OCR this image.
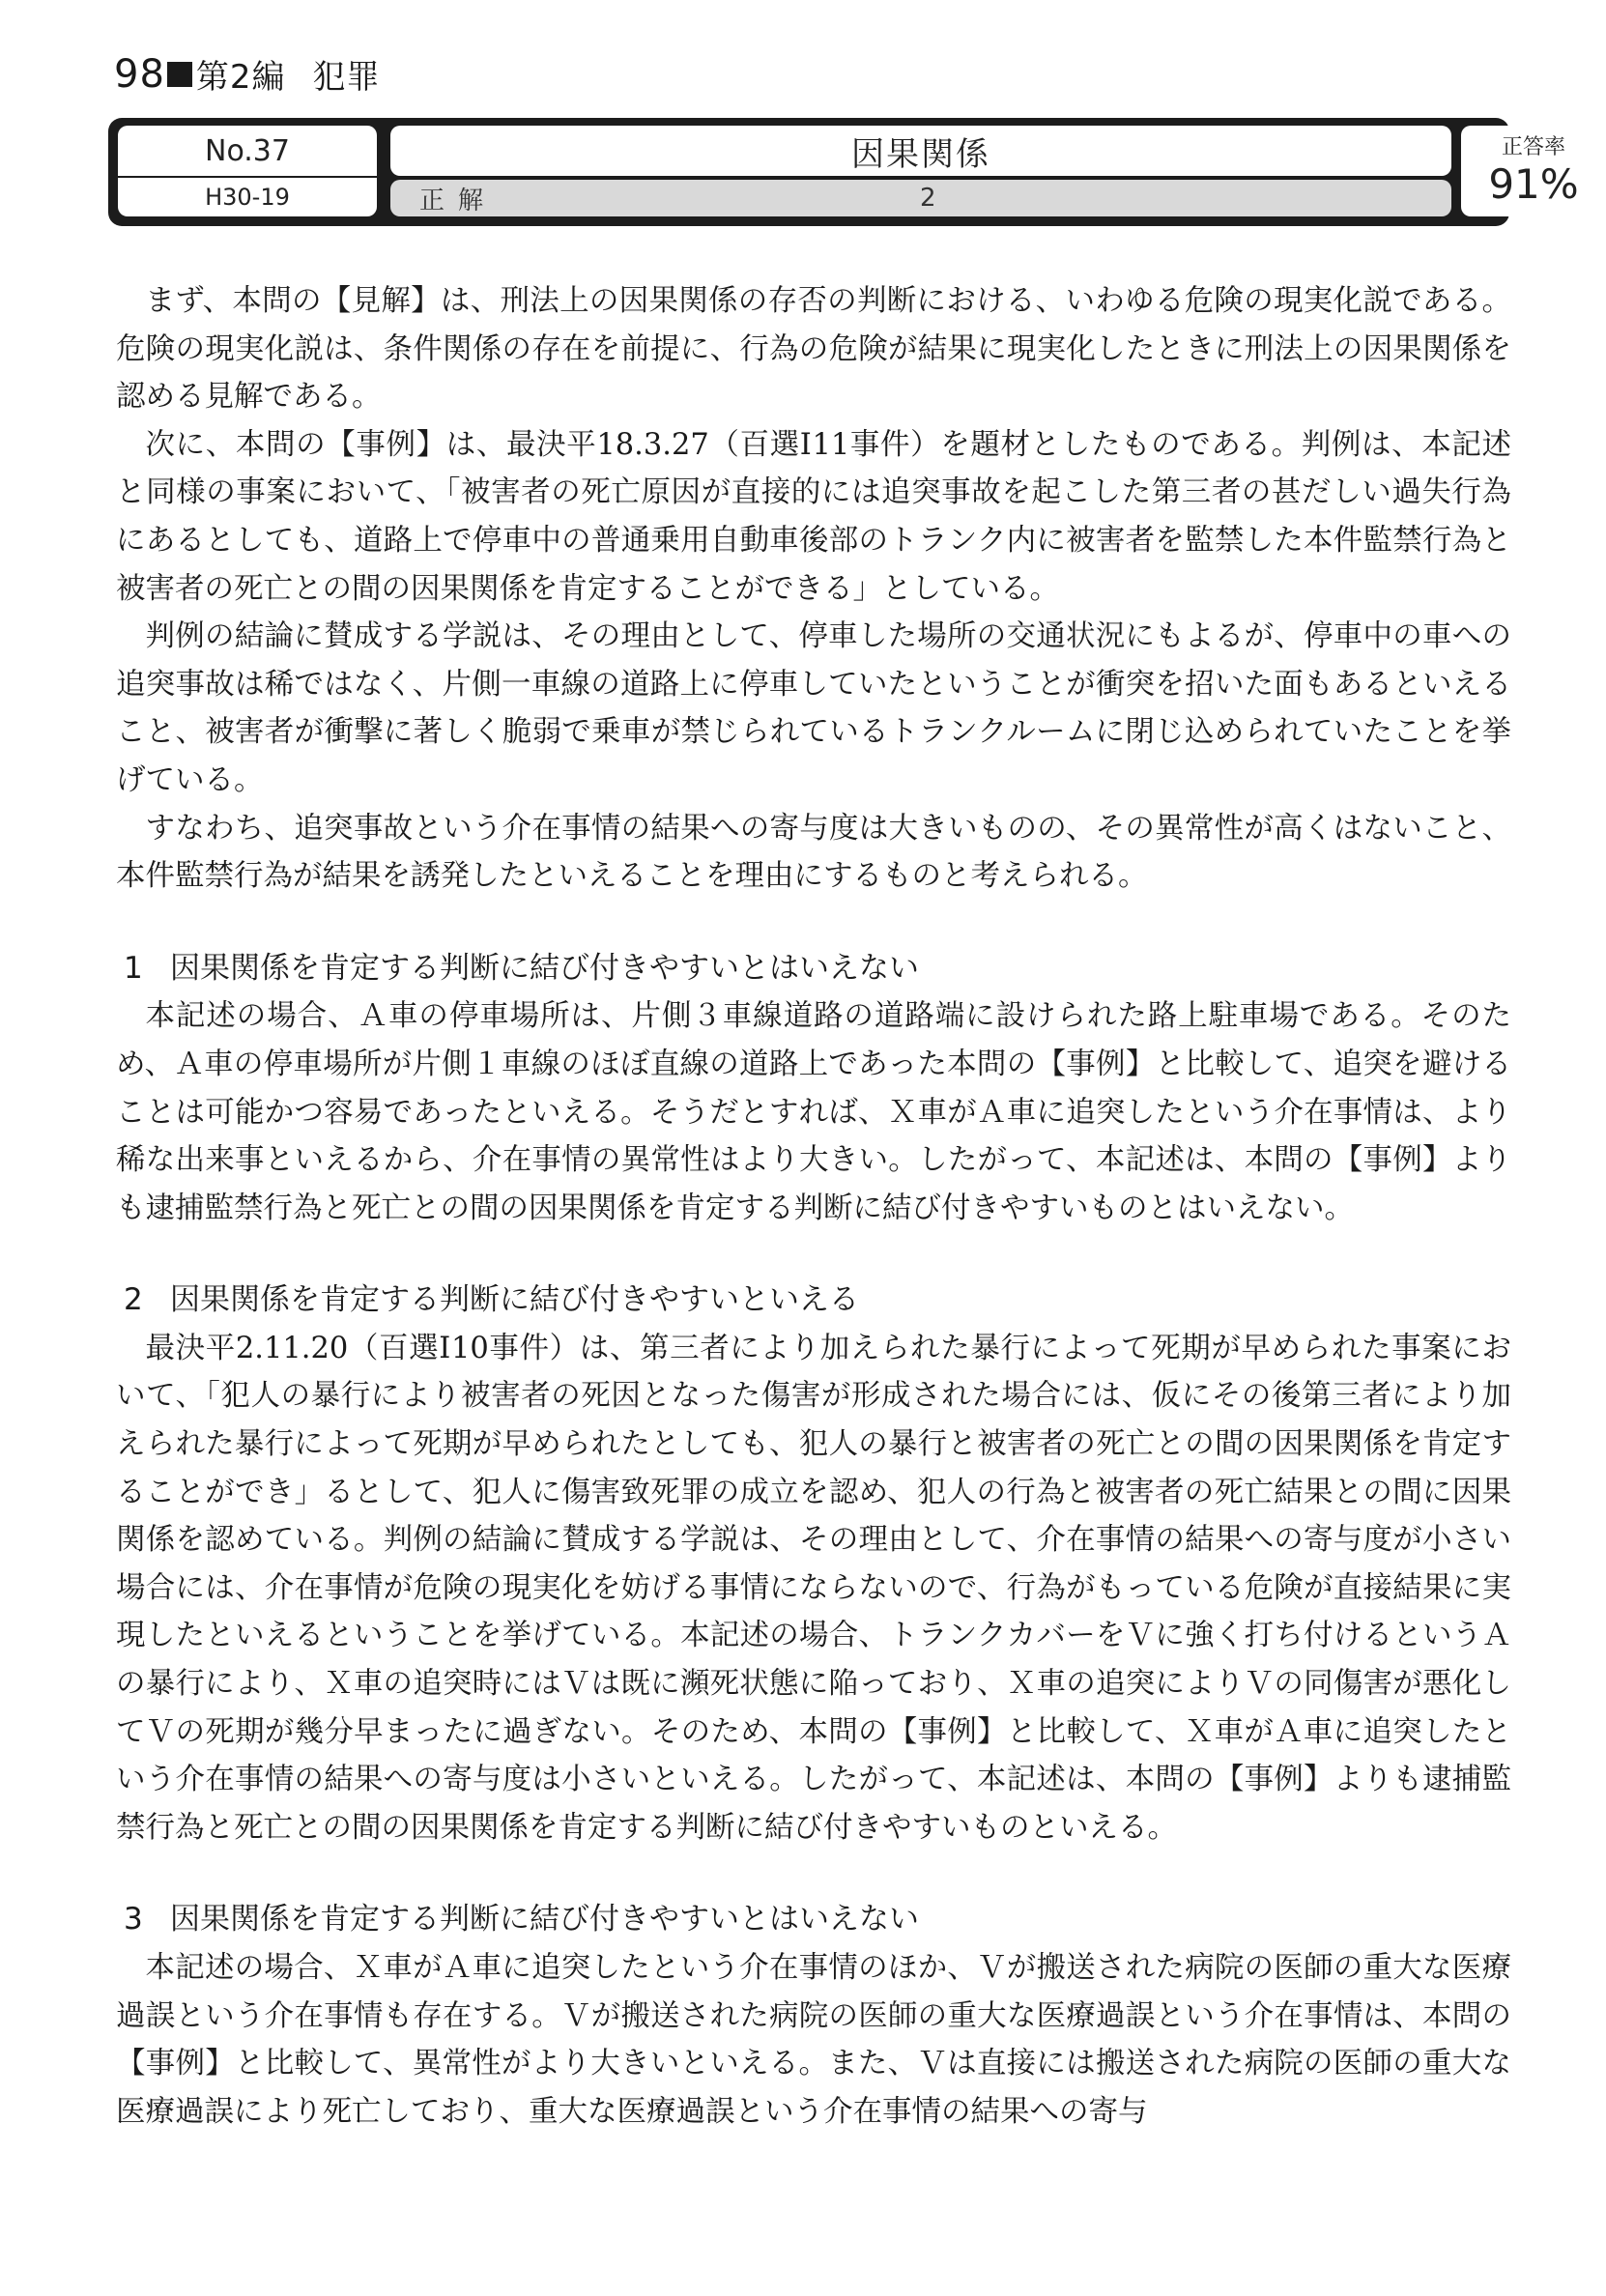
98 第2編 犯罪
No.37
H30-19
因果関係
正解	2
正答率
91%

まず、本問の【見解】は、刑法上の因果関係の存否の判断における、いわゆる危険の現実化説である。危険の現実化説は、条件関係の存在を前提に、行為の危険が結果に現実化したときに刑法上の因果関係を認める見解である。

次に、本問の【事例】は、最決平18.3.27（百選Ⅰ11事件）を題材としたものである。判例は、本記述と同様の事案において、「被害者の死亡原因が直接的には追突事故を起こした第三者の甚だしい過失行為にあるとしても、道路上で停車中の普通乗用自動車後部のトランク内に被害者を監禁した本件監禁行為と被害者の死亡との間の因果関係を肯定することができる」としている。

判例の結論に賛成する学説は、その理由として、停車した場所の交通状況にもよるが、停車中の車への追突事故は稀ではなく、片側一車線の道路上に停車していたということが衝突を招いた面もあるといえること、被害者が衝撃に著しく脆弱で乗車が禁じられているトランクルームに閉じ込められていたことを挙げている。

すなわち、追突事故という介在事情の結果への寄与度は大きいものの、その異常性が高くはないこと、本件監禁行為が結果を誘発したといえることを理由にするものと考えられる。

1 因果関係を肯定する判断に結び付きやすいとはいえない

本記述の場合、Ａ車の停車場所は、片側３車線道路の道路端に設けられた路上駐車場である。そのため、Ａ車の停車場所が片側１車線のほぼ直線の道路上であった本問の【事例】と比較して、追突を避けることは可能かつ容易であったといえる。そうだとすれば、Ｘ車がＡ車に追突したという介在事情は、より稀な出来事といえるから、介在事情の異常性はより大きい。したがって、本記述は、本問の【事例】よりも逮捕監禁行為と死亡との間の因果関係を肯定する判断に結び付きやすいものとはいえない。

2 因果関係を肯定する判断に結び付きやすいといえる

最決平2.11.20（百選Ⅰ10事件）は、第三者により加えられた暴行によって死期が早められた事案において、「犯人の暴行により被害者の死因となった傷害が形成された場合には、仮にその後第三者により加えられた暴行によって死期が早められたとしても、犯人の暴行と被害者の死亡との間の因果関係を肯定することができ」るとして、犯人に傷害致死罪の成立を認め、犯人の行為と被害者の死亡結果との間に因果関係を認めている。判例の結論に賛成する学説は、その理由として、介在事情の結果への寄与度が小さい場合には、介在事情が危険の現実化を妨げる事情にならないので、行為がもっている危険が直接結果に実現したといえるということを挙げている。本記述の場合、トランクカバーをＶに強く打ち付けるというＡの暴行により、Ｘ車の追突時にはＶは既に瀕死状態に陥っており、Ｘ車の追突によりＶの同傷害が悪化してＶの死期が幾分早まったに過ぎない。そのため、本問の【事例】と比較して、Ｘ車がＡ車に追突したという介在事情の結果への寄与度は小さいといえる。したがって、本記述は、本問の【事例】よりも逮捕監禁行為と死亡との間の因果関係を肯定する判断に結び付きやすいものといえる。

3 因果関係を肯定する判断に結び付きやすいとはいえない

本記述の場合、Ｘ車がＡ車に追突したという介在事情のほか、Ｖが搬送された病院の医師の重大な医療過誤という介在事情も存在する。Ｖが搬送された病院の医師の重大な医療過誤という介在事情は、本問の【事例】と比較して、異常性がより大きいといえる。また、Ｖは直接には搬送された病院の医師の重大な医療過誤により死亡しており、重大な医療過誤という介在事情の結果への寄与
